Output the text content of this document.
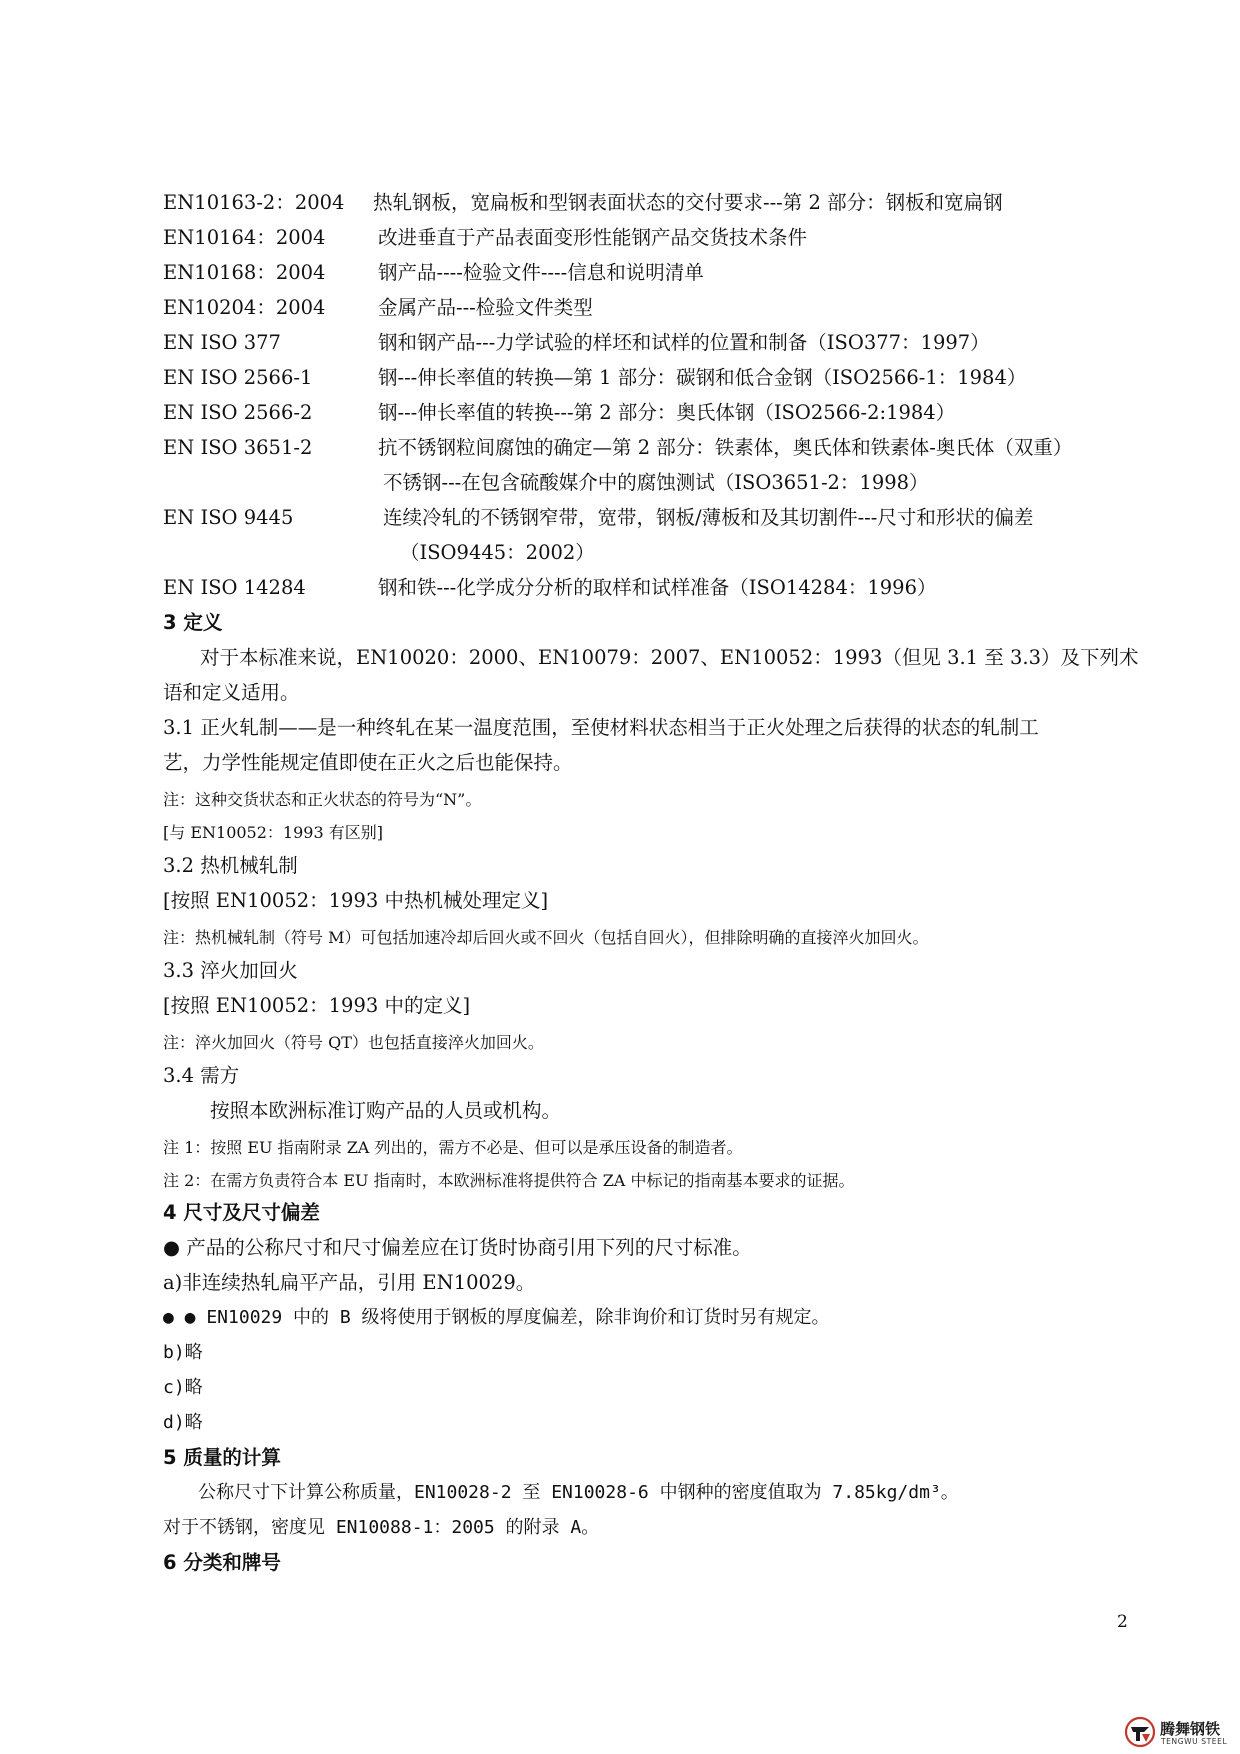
EN10163-2：2004 热轧钢板，宽扁板和型钢表面状态的交付要求---第 2 部分：钢板和宽扁钢
EN10164：2004	改进垂直于产品表面变形性能钢产品交货技术条件
EN10168：2004	钢产品----检验文件----信息和说明清单
EN10204：2004	金属产品---检验文件类型
EN ISO 377	钢和钢产品---力学试验的样坯和试样的位置和制备（ISO377：1997）
EN ISO 2566-1	钢---伸长率值的转换—第 1 部分：碳钢和低合金钢（ISO2566-1：1984）
EN ISO 2566-2	钢---伸长率值的转换---第 2 部分：奥氏体钢（ISO2566-2:1984）
EN ISO 3651-2	抗不锈钢粒间腐蚀的确定—第 2 部分：铁素体，奥氏体和铁素体-奥氏体（双重）
不锈钢---在包含硫酸媒介中的腐蚀测试（ISO3651-2：1998）
EN ISO 9445	连续冷轧的不锈钢窄带，宽带，钢板/薄板和及其切割件---尺寸和形状的偏差
（ISO9445：2002）
EN ISO 14284	钢和铁---化学成分分析的取样和试样准备（ISO14284：1996）
3 定义
对于本标准来说，EN10020：2000、EN10079：2007、EN10052：1993（但见 3.1 至 3.3）及下列术
语和定义适用。
3.1 正火轧制——是一种终轧在某一温度范围，至使材料状态相当于正火处理之后获得的状态的轧制工
艺，力学性能规定值即使在正火之后也能保持。
注：这种交货状态和正火状态的符号为“N”。
[与 EN10052：1993 有区别]
3.2 热机械轧制
[按照 EN10052：1993 中热机械处理定义]
注：热机械轧制（符号 M）可包括加速冷却后回火或不回火（包括自回火），但排除明确的直接淬火加回火。
3.3 淬火加回火
[按照 EN10052：1993 中的定义]
注：淬火加回火（符号 QT）也包括直接淬火加回火。
3.4 需方
按照本欧洲标准订购产品的人员或机构。
注 1：按照 EU 指南附录 ZA 列出的，需方不必是、但可以是承压设备的制造者。
注 2：在需方负责符合本 EU 指南时，本欧洲标准将提供符合 ZA 中标记的指南基本要求的证据。
4 尺寸及尺寸偏差
● 产品的公称尺寸和尺寸偏差应在订货时协商引用下列的尺寸标准。
a)非连续热轧扁平产品，引用 EN10029。
● ● EN10029 中的 B 级将使用于钢板的厚度偏差，除非询价和订货时另有规定。
b)略
c)略
d)略
5 质量的计算
公称尺寸下计算公称质量，EN10028-2 至 EN10028-6 中钢种的密度值取为 7.85kg/dm³。
对于不锈钢，密度见 EN10088-1：2005 的附录 A。
6 分类和牌号
2
腾舞钢铁
TENGWU STEEL
